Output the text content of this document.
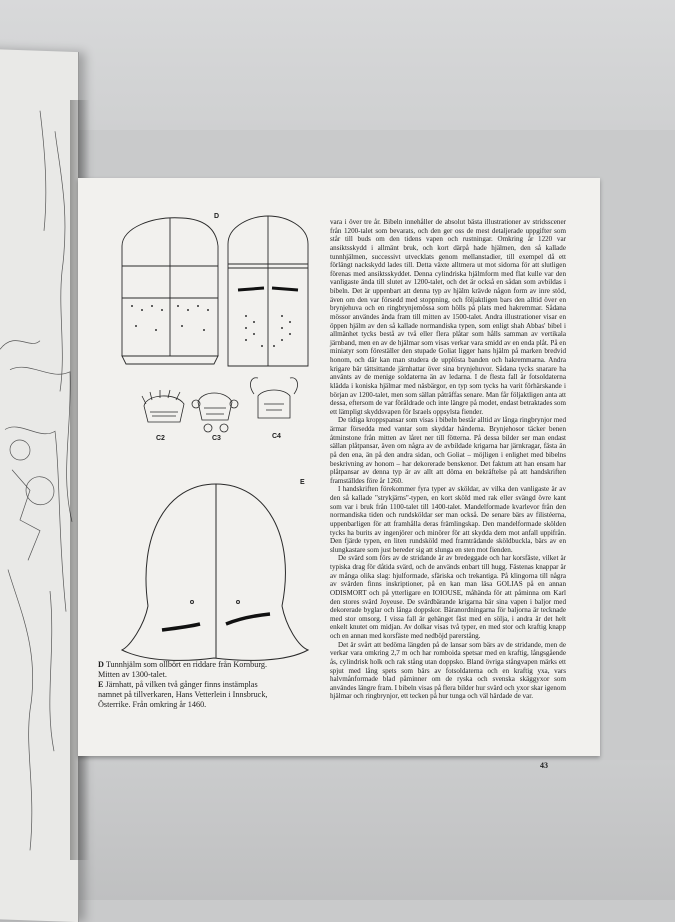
D
C2	C3	C4
E
D Tunnhjälm som ollbört en riddare från Kornburg. Mitten av 1300-talet.
E Järnhatt, på vilken två gånger finns instämplas namnet på tillverkaren, Hans Vetterlein i Innsbruck, Österrike. Från omkring år 1460.

vara i över tre år. Bibeln innehåller de absolut bästa illustrationer av stridsscener från 1200-talet som bevarats, och den ger oss de mest detaljerade uppgifter som står till buds om den tidens vapen och rustningar. Omkring år 1220 var ansiktsskydd i allmänt bruk, och kort därpå hade hjälmen, den så kallade tunnhjälmen, successivt utvecklats genom mellanstadier, till exempel då ett förlängt nackskydd lades till. Detta växte alltmera ut mot sidorna för att slutligen förenas med ansiktsskyddet. Denna cylindriska hjälmform med flat kulle var den vanligaste ända till slutet av 1200-talet, och det är också en sådan som avbildas i bibeln. Det är uppenbart att denna typ av hjälm krävde någon form av inre stöd, även om den var försedd med stoppning, och följaktligen bars den alltid över en brynjehuva och en ringbrynjemössa som hölls på plats med hakremmar. Sådana mössor användes ända fram till mitten av 1500-talet. Andra illustrationer visar en öppen hjälm av den så kallade normandiska typen, som enligt shah Abbas' bibel i allmänhet tycks bestå av två eller flera plåtar som hålls samman av vertikala järnband, men en av de hjälmar som visas verkar vara smidd av en enda plåt. På en miniatyr som föreställer den stupade Goliat ligger hans hjälm på marken bredvid honom, och där kan man studera de upplösta banden och hakremmarna. Andra krigare bär tättsittande järnhattar över sina brynjehuvor. Sådana tycks snarare ha använts av de menige soldaterna än av ledarna. I de flesta fall är fotsoldaterna klädda i koniska hjälmar med näsbärgor, en typ som tycks ha varit förhärskande i början av 1200-talet, men som sällan påträffas senare. Man får följaktligen anta att dessa, eftersom de var föräldrade och inte längre på modet, endast betraktades som ett lämpligt skyddsvapen för Israels oppsylsta fiender.

De tidiga kroppspansar som visas i bibeln består alltid av långa ringbrynjor med ärmar försedda med vantar som skyddar händerna. Brynjehosor täcker benen åtminstone från mitten av låret ner till fötterna. På dessa bilder ser man endast sällan plåtpansar, även om några av de avbildade krigarna har järnkragar, fästa än på den ena, än på den andra sidan, och Goliat – möjligen i enlighet med bibelns beskrivning av honom – har dekorerade benskenor. Det faktum att han ensam har plåtpansar av denna typ är av allt att döma en bekräftelse på att handskriften framställdes före år 1260.

I handskriften förekommer fyra typer av sköldar, av vilka den vanligaste är av den så kallade "strykjärns"-typen, en kort sköld med rak eller svängd övre kant som var i bruk från 1100-talet till 1400-talet. Mandelformade kvarlevor från den normandiska tiden och rundsköldar ser man också. De senare bärs av filistéerna, uppenbarligen för att framhålla deras främlingskap. Den mandelformade skölden tycks ha burits av ingenjörer och minörer för att skydda dem mot anfall uppifrån. Den fjärde typen, en liten rundsköld med framträdande sköldbuckla, bärs av en slungkastare som just bereder sig att slunga en sten mot fienden.

De svärd som förs av de stridande är av bredeggade och har korsfäste, vilket är typiska drag för dåtida svärd, och de används enbart till hugg. Fästenas knappar är av många olika slag: hjulformade, sfäriska och trekantiga. På klingorna till några av svärden finns inskriptioner, på en kan man läsa GOLIAS på en annan ODISMORT och på ytterligare en IOIOUSE, måhända för att påminna om Karl den stores svärd Joyeuse. De svärdbärande krigarna bär sina vapen i baljor med dekorerade byglar och långa doppskor. Bäranordningarna för baljorna är tecknade med stor omsorg. I vissa fall är gehänget fäst med en sölja, i andra är det helt enkelt knutet om midjan. Av dolkar visas två typer, en med stor och kraftig knapp och en annan med korsfäste med nedböjd parerstång.

Det är svårt att bedöma längden på de lansar som bärs av de stridande, men de verkar vara omkring 2,7 m och har romboida spetsar med en kraftig, långsgående ås, cylindrisk holk och rak stång utan doppsko. Bland övriga stångvapen märks ett spjut med lång spets som bärs av fotsoldaterna och en kraftig yxa, vars halvmånformade blad påminner om de ryska och svenska skäggyxor som användes längre fram. I bibeln visas på flera bilder hur svärd och yxor skar igenom hjälmar och ringbrynjor, ett tecken på hur tunga och väl härdade de var.

43
